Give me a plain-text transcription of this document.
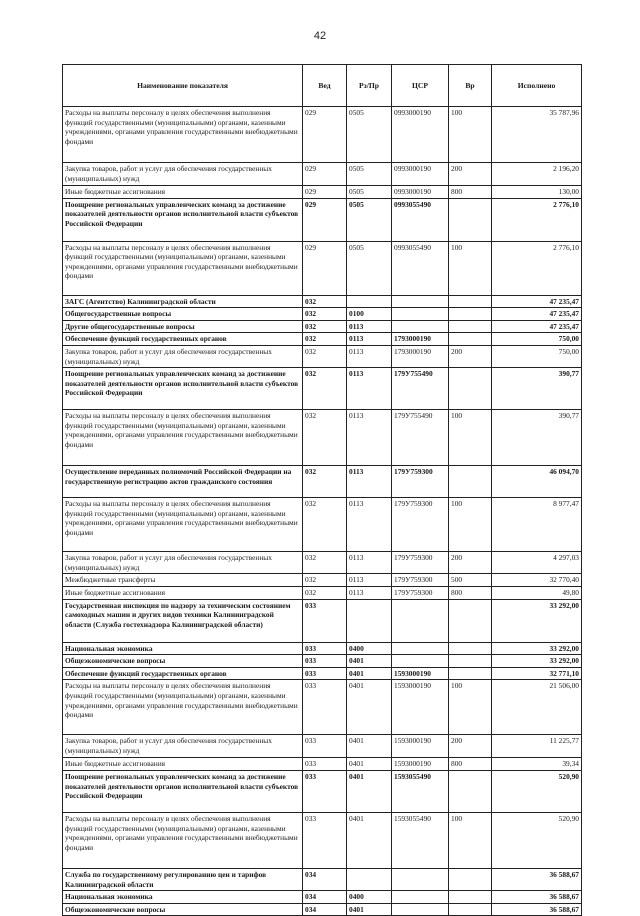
42
Наименование показателя	Вед	Рз/Пр	ЦСР	Вр	Исполнено
Расходы на выплаты персоналу в целях обеспечения выполнения функций государственными (муниципальными) органами, казенными учреждениями, органами управления государственными внебюджетными фондами	029	0505	0993000190	100	35 787,96
Закупка товаров, работ и услуг для обеспечения государственных (муниципальных) нужд	029	0505	0993000190	200	2 196,20
Иные бюджетные ассигнования	029	0505	0993000190	800	130,00
Поощрение региональных управленческих команд за достижение показателей деятельности органов исполнительной власти субъектов Российской Федерации	029	0505	0993055490		2 776,10
Расходы на выплаты персоналу в целях обеспечения выполнения функций государственными (муниципальными) органами, казенными учреждениями, органами управления государственными внебюджетными фондами	029	0505	0993055490	100	2 776,10
ЗАГС (Агентство) Калининградской области	032				47 235,47
Общегосударственные вопросы	032	0100			47 235,47
Другие общегосударственные вопросы	032	0113			47 235,47
Обеспечение функций государственных органов	032	0113	1793000190		750,00
Закупка товаров, работ и услуг для обеспечения государственных (муниципальных) нужд	032	0113	1793000190	200	750,00
Поощрение региональных управленческих команд за достижение показателей деятельности органов исполнительной власти субъектов Российской Федерации	032	0113	179У755490		390,77
Расходы на выплаты персоналу в целях обеспечения выполнения функций государственными (муниципальными) органами, казенными учреждениями, органами управления государственными внебюджетными фондами	032	0113	179У755490	100	390,77
Осуществление переданных полномочий Российской Федерации на государственную регистрацию актов гражданского состояния	032	0113	179У759300		46 094,70
Расходы на выплаты персоналу в целях обеспечения выполнения функций государственными (муниципальными) органами, казенными учреждениями, органами управления государственными внебюджетными фондами	032	0113	179У759300	100	8 977,47
Закупка товаров, работ и услуг для обеспечения государственных (муниципальных) нужд	032	0113	179У759300	200	4 297,03
Межбюджетные трансферты	032	0113	179У759300	500	32 770,40
Иные бюджетные ассигнования	032	0113	179У759300	800	49,80
Государственная инспекция по надзору за техническим состоянием самоходных машин и других видов техники Калининградской области (Служба гостехнадзора Калининградской области)	033				33 292,00
Национальная экономика	033	0400			33 292,00
Общеэкономические вопросы	033	0401			33 292,00
Обеспечение функций государственных органов	033	0401	1593000190		32 771,10
Расходы на выплаты персоналу в целях обеспечения выполнения функций государственными (муниципальными) органами, казенными учреждениями, органами управления государственными внебюджетными фондами	033	0401	1593000190	100	21 506,00
Закупка товаров, работ и услуг для обеспечения государственных (муниципальных) нужд	033	0401	1593000190	200	11 225,77
Иные бюджетные ассигнования	033	0401	1593000190	800	39,34
Поощрение региональных управленческих команд за достижение показателей деятельности органов исполнительной власти субъектов Российской Федерации	033	0401	1593055490		520,90
Расходы на выплаты персоналу в целях обеспечения выполнения функций государственными (муниципальными) органами, казенными учреждениями, органами управления государственными внебюджетными фондами	033	0401	1593055490	100	520,90
Служба по государственному регулированию цен и тарифов Калининградской области	034				36 588,67
Национальная экономика	034	0400			36 588,67
Общеэкономические вопросы	034	0401			36 588,67
